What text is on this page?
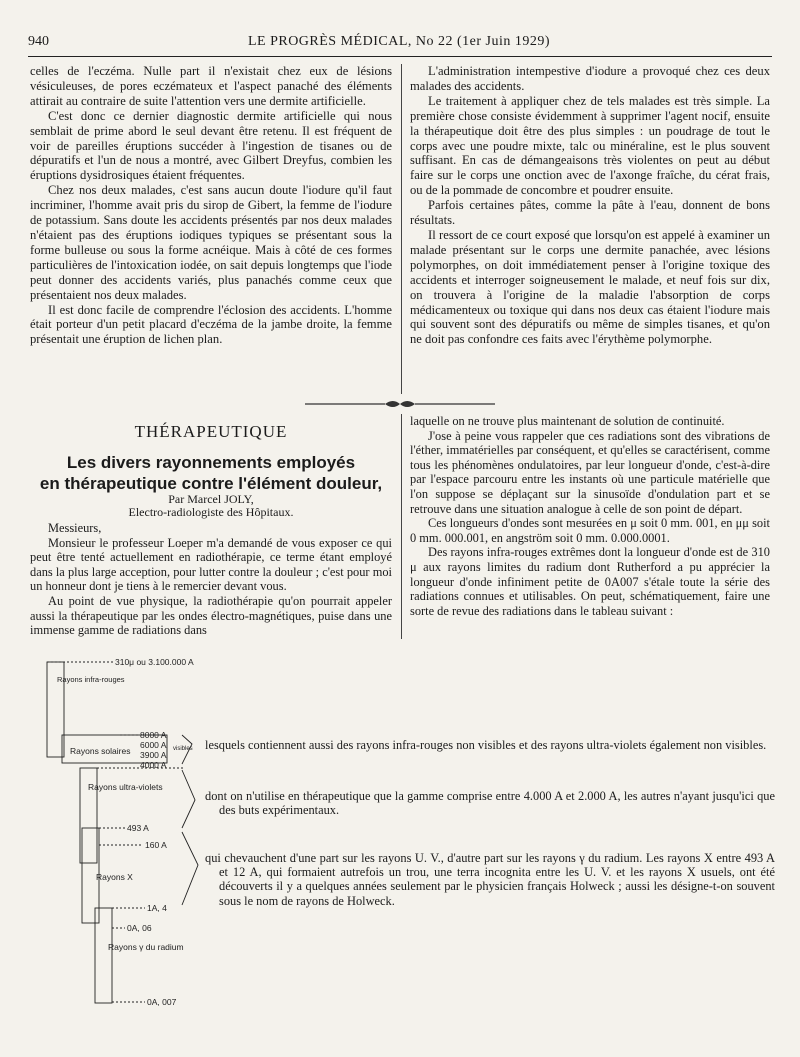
940	LE PROGRÈS MÉDICAL, No 22 (1er Juin 1929)

celles de l'eczéma. Nulle part il n'existait chez eux de lésions vésiculeuses, de pores eczémateux et l'aspect panaché des éléments attirait au contraire de suite l'attention vers une dermite artificielle.

C'est donc ce dernier diagnostic dermite artificielle qui nous semblait de prime abord le seul devant être retenu. Il est fréquent de voir de pareilles éruptions succéder à l'ingestion de tisanes ou de dépuratifs et l'un de nous a montré, avec Gilbert Dreyfus, combien les éruptions dysidrosiques étaient fréquentes.

Chez nos deux malades, c'est sans aucun doute l'iodure qu'il faut incriminer, l'homme avait pris du sirop de Gibert, la femme de l'iodure de potassium. Sans doute les accidents présentés par nos deux malades n'étaient pas des éruptions iodiques typiques se présentant sous la forme bulleuse ou sous la forme acnéique. Mais à côté de ces formes particulières de l'intoxication iodée, on sait depuis longtemps que l'iode peut donner des accidents variés, plus panachés comme ceux que présentaient nos deux malades.

Il est donc facile de comprendre l'éclosion des accidents. L'homme était porteur d'un petit placard d'eczéma de la jambe droite, la femme présentait une éruption de lichen plan.

L'administration intempestive d'iodure a provoqué chez ces deux malades des accidents.

Le traitement à appliquer chez de tels malades est très simple. La première chose consiste évidemment à supprimer l'agent nocif, ensuite la thérapeutique doit être des plus simples : un poudrage de tout le corps avec une poudre mixte, talc ou minéraline, est le plus souvent suffisant. En cas de démangeaisons très violentes on peut au début faire sur le corps une onction avec de l'axonge fraîche, du cérat frais, ou de la pommade de concombre et poudrer ensuite.

Parfois certaines pâtes, comme la pâte à l'eau, donnent de bons résultats.

Il ressort de ce court exposé que lorsqu'on est appelé à examiner un malade présentant sur le corps une dermite panachée, avec lésions polymorphes, on doit immédiatement penser à l'origine toxique des accidents et interroger soigneusement le malade, et neuf fois sur dix, on trouvera à l'origine de la maladie l'absorption de corps médicamenteux ou toxique qui dans nos deux cas étaient l'iodure mais qui souvent sont des dépuratifs ou même de simples tisanes, et qu'on ne doit pas confondre ces faits avec l'érythème polymorphe.

THÉRAPEUTIQUE
Les divers rayonnements employés
en thérapeutique contre l'élément douleur,
Par Marcel JOLY,
Electro-radiologiste des Hôpitaux.

Messieurs,

Monsieur le professeur Loeper m'a demandé de vous exposer ce qui peut être tenté actuellement en radiothérapie, ce terme étant employé dans la plus large acception, pour lutter contre la douleur ; c'est pour moi un honneur dont je tiens à le remercier devant vous.

Au point de vue physique, la radiothérapie qu'on pourrait appeler aussi la thérapeutique par les ondes électro-magnétiques, puise dans une immense gamme de radiations dans

laquelle on ne trouve plus maintenant de solution de continuité.

J'ose à peine vous rappeler que ces radiations sont des vibrations de l'éther, immatérielles par conséquent, et qu'elles se caractérisent, comme tous les phénomènes ondulatoires, par leur longueur d'onde, c'est-à-dire par l'espace parcouru entre les instants où une particule matérielle que l'on suppose se déplaçant sur la sinusoïde d'ondulation part et se retrouve dans une situation analogue à celle de son point de départ.

Ces longueurs d'ondes sont mesurées en μ soit 0 mm. 001, en μμ soit 0 mm. 000.001, en angström soit 0 mm. 0.000.0001.

Des rayons infra-rouges extrêmes dont la longueur d'onde est de 310 μ aux rayons limites du radium dont Rutherford a pu apprécier la longueur d'onde infiniment petite de 0A007 s'étale toute la série des radiations connues et utilisables. On peut, schématiquement, faire une sorte de revue des radiations dans le tableau suivant :

Rayons infra-rouges
310μ ou 3.100.000 A
Rayons solaires
8000 A
6000 A
3900 A
visibles
4000 A
Rayons ultra-violets
493 A
160 A
Rayons X
1A, 4
0A, 06
Rayons γ du radium
0A, 007

lesquels contiennent aussi des rayons infra-rouges non visibles et des rayons ultra-violets également non visibles.

dont on n'utilise en thérapeutique que la gamme comprise entre 4.000 A et 2.000 A, les autres n'ayant jusqu'ici que des buts expérimentaux.

qui chevauchent d'une part sur les rayons U. V., d'autre part sur les rayons γ du radium. Les rayons X entre 493 A et 12 A, qui formaient autrefois un trou, une terra incognita entre les U. V. et les rayons X usuels, ont été découverts il y a quelques années seulement par le physicien français Holweck ; aussi les désigne-t-on souvent sous le nom de rayons de Holweck.
